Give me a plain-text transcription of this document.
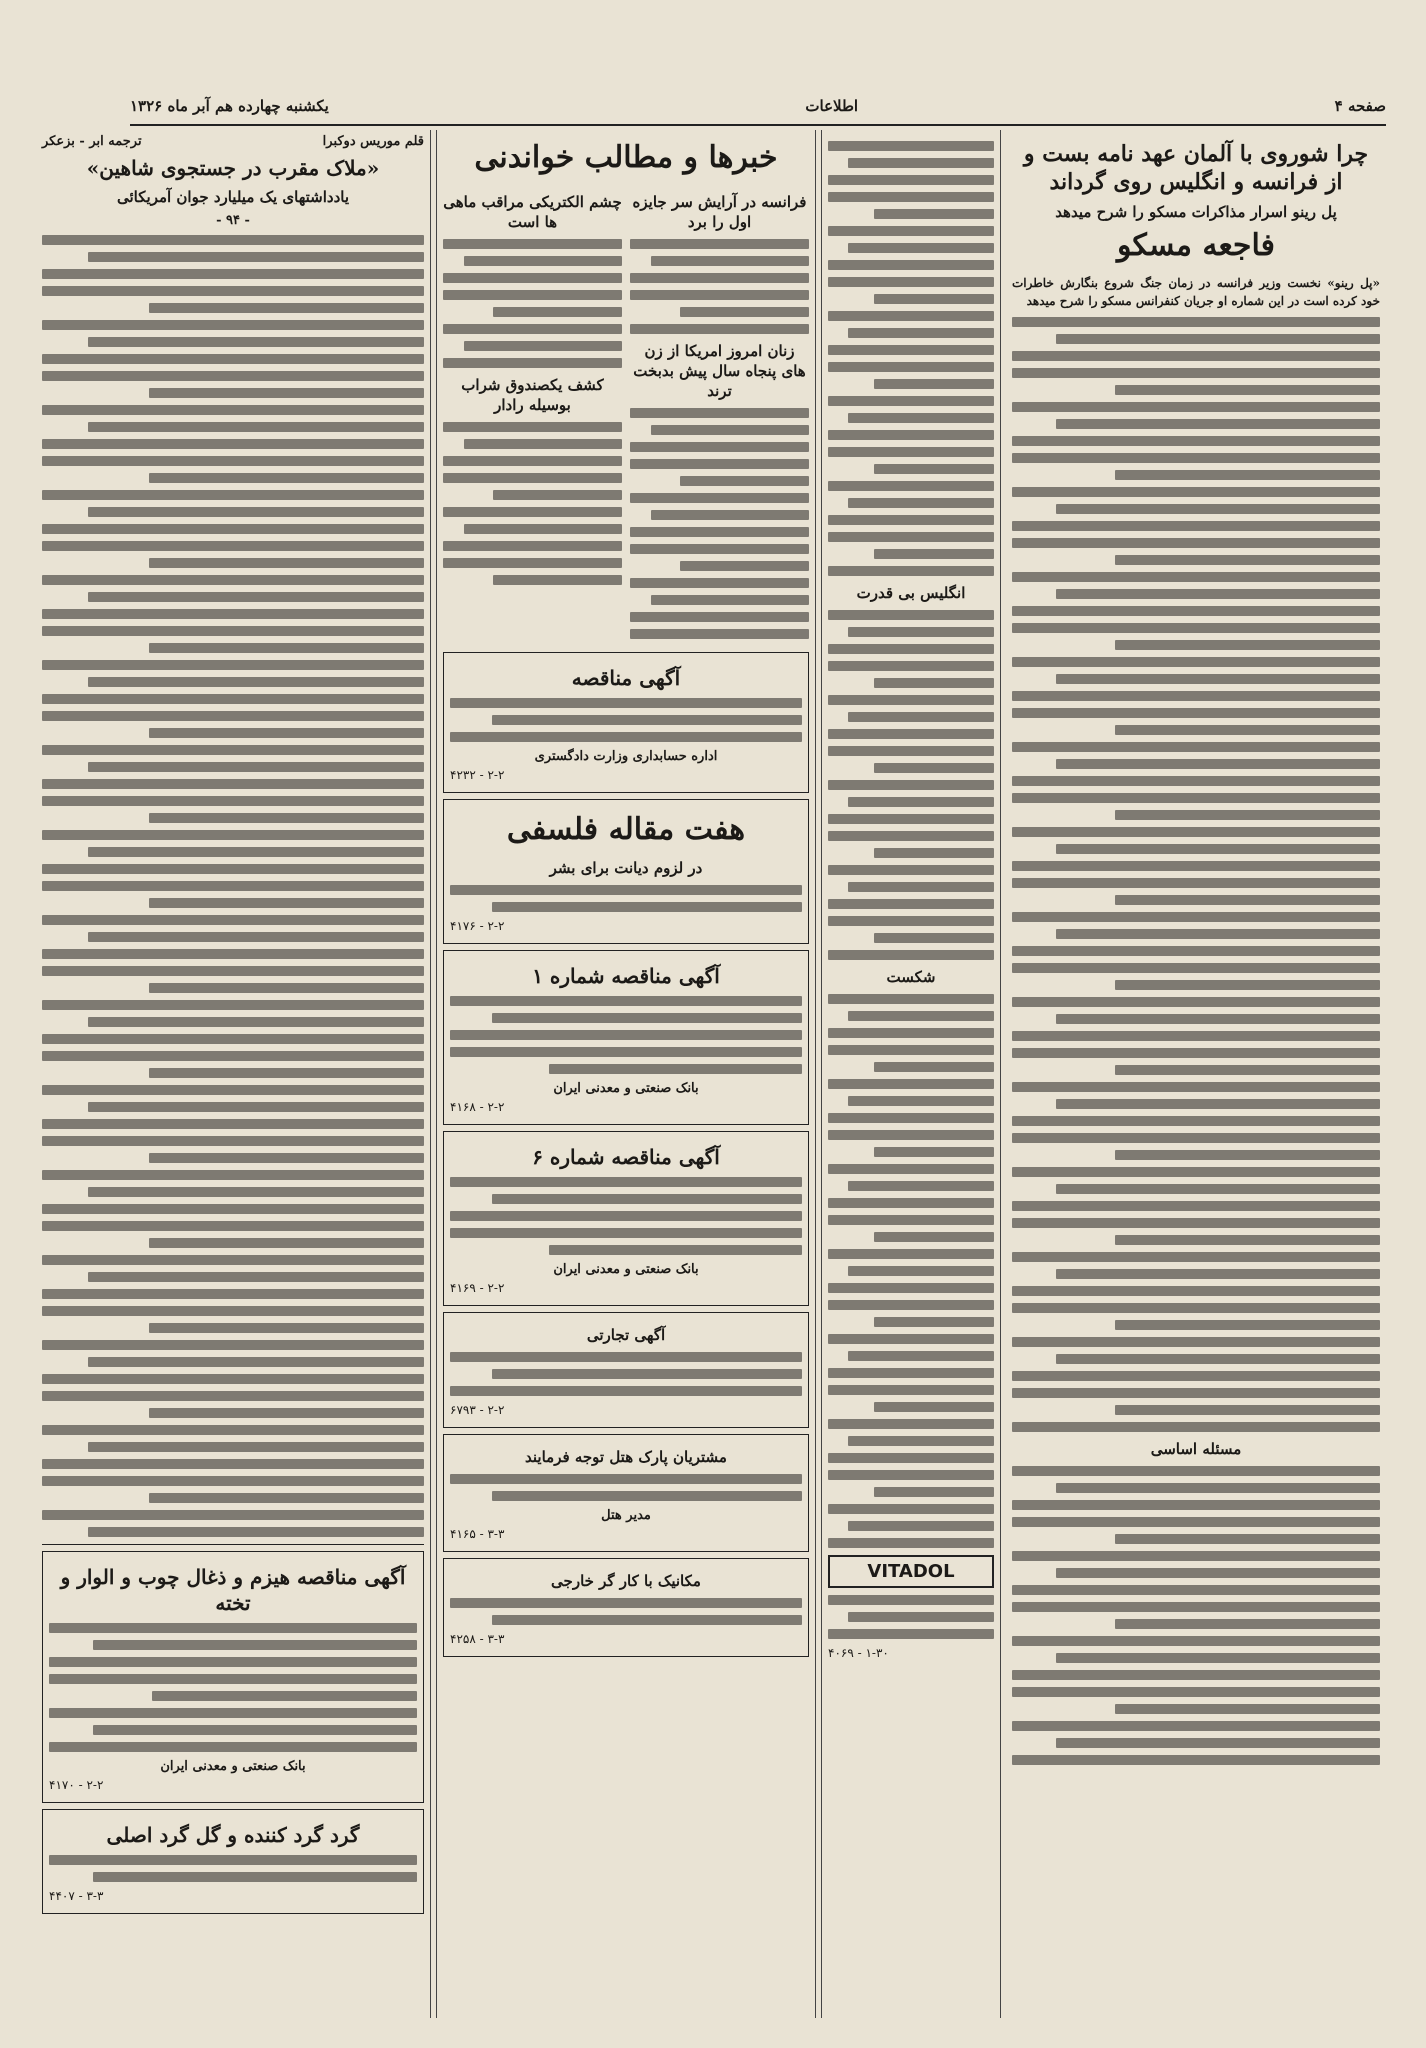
صفحه ۴
اطلاعات
یکشنبه چهارده هم آبر ماه ۱۳۲۶
چرا شوروی با آلمان عهد نامه بست و از فرانسه و انگلیس روی گرداند
پل رینو اسرار مذاکرات مسکو را شرح میدهد
فاجعه مسکو
«پل رینو» نخست وزیر فرانسه در زمان جنگ شروع بنگارش خاطرات خود کرده است در این شماره او جریان کنفرانس مسکو را شرح میدهد
مسئله اساسی
انگلیس بی قدرت
شکست
VITADOL
۴۰۶۹ - ۱-۳۰
خبرها و مطالب خواندنی
فرانسه در آرایش سر جایزه اول را برد
زنان امروز امریکا از زن های پنجاه سال پیش بدبخت ترند
چشم الکتریکی مراقب ماهی ها است
کشف یکصندوق شراب بوسیله رادار
آگهی مناقصه
اداره حسابداری وزارت دادگستری
۴۲۳۲ - ۲-۲
هفت مقاله فلسفی
در لزوم دیانت برای بشر
۴۱۷۶ - ۲-۲
آگهی مناقصه شماره ۱
بانک صنعتی و معدنی ایران
۴۱۶۸ - ۲-۲
آگهی مناقصه شماره ۶
بانک صنعتی و معدنی ایران
۴۱۶۹ - ۲-۲
آگهی تجارتی
۶۷۹۳ - ۲-۲
مشتریان پارک هتل توجه فرمایند
مدیر هتل
۴۱۶۵ - ۳-۳
مکانیک با کار گر خارجی
۴۲۵۸ - ۳-۳
قلم موریس دوکبرا
ترجمه ابر - بزعکر
«ملاک مقرب در جستجوی شاهین»
یادداشتهای یک میلیارد جوان آمریکائی
- ۹۴ -
آگهی مناقصه هیزم و ذغال چوب و الوار و تخته
بانک صنعتی و معدنی ایران
۴۱۷۰ - ۲-۲
گرد گرد کننده و گل گرد اصلی
۴۴۰۷ - ۳-۳
